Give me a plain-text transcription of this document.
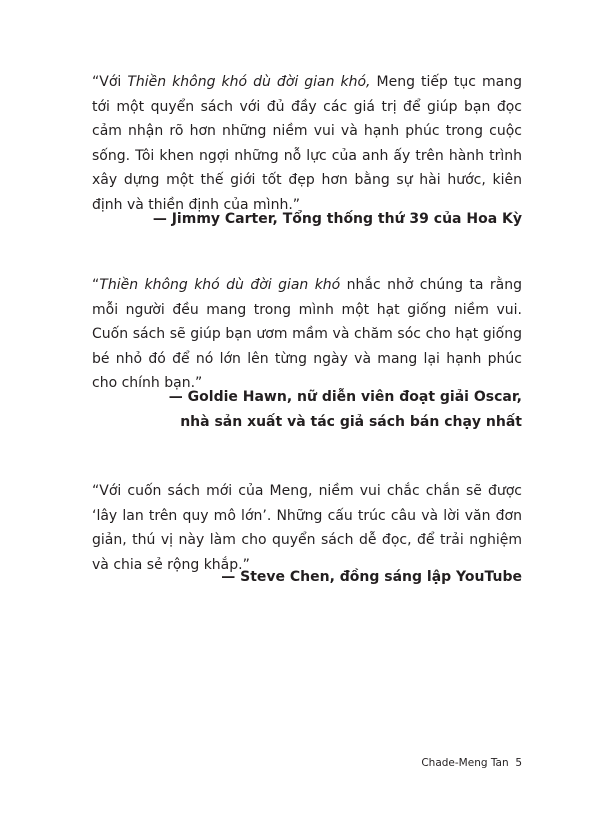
“Với Thiền không khó dù đời gian khó, Meng tiếp tục mang tới một quyển sách với đủ đầy các giá trị để giúp bạn đọc cảm nhận rõ hơn những niềm vui và hạnh phúc trong cuộc sống. Tôi khen ngợi những nỗ lực của anh ấy trên hành trình xây dựng một thế giới tốt đẹp hơn bằng sự hài hước, kiên định và thiền định của mình.”

— Jimmy Carter, Tổng thống thứ 39 của Hoa Kỳ

“Thiền không khó dù đời gian khó nhắc nhở chúng ta rằng mỗi người đều mang trong mình một hạt giống niềm vui. Cuốn sách sẽ giúp bạn ươm mầm và chăm sóc cho hạt giống bé nhỏ đó để nó lớn lên từng ngày và mang lại hạnh phúc cho chính bạn.”

— Goldie Hawn, nữ diễn viên đoạt giải Oscar,
nhà sản xuất và tác giả sách bán chạy nhất

“Với cuốn sách mới của Meng, niềm vui chắc chắn sẽ được ‘lây lan trên quy mô lớn’. Những cấu trúc câu và lời văn đơn giản, thú vị này làm cho quyển sách dễ đọc, để trải nghiệm và chia sẻ rộng khắp.”

— Steve Chen, đồng sáng lập YouTube

Chade-Meng Tan 5
